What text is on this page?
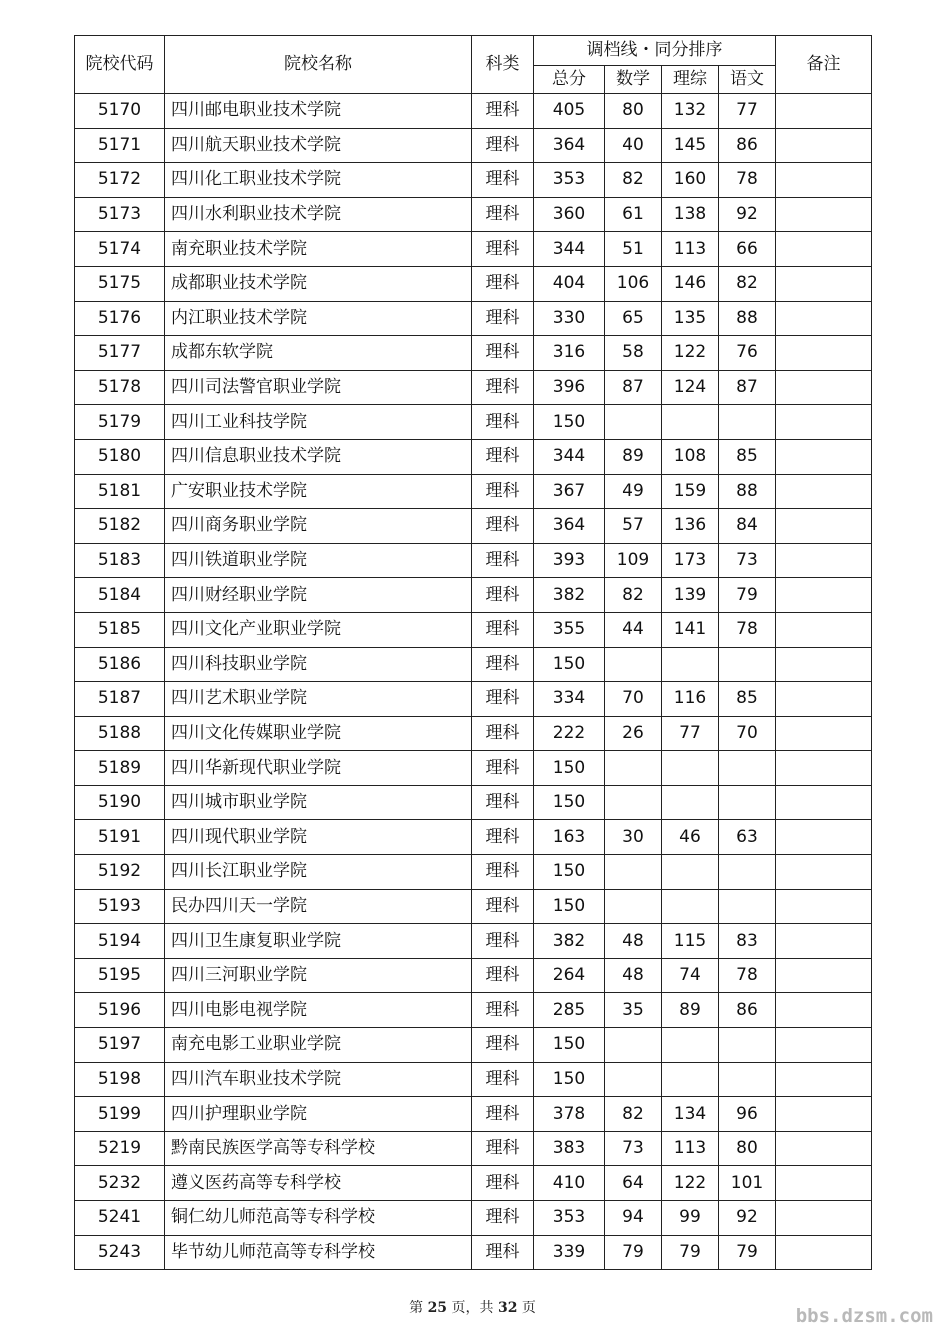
院校代码	院校名称	科类	调档线・同分排序				备注
			总分	数学	理综	语文	
5170	四川邮电职业技术学院	理科	405	80	132	77	
5171	四川航天职业技术学院	理科	364	40	145	86	
5172	四川化工职业技术学院	理科	353	82	160	78	
5173	四川水利职业技术学院	理科	360	61	138	92	
5174	南充职业技术学院	理科	344	51	113	66	
5175	成都职业技术学院	理科	404	106	146	82	
5176	内江职业技术学院	理科	330	65	135	88	
5177	成都东软学院	理科	316	58	122	76	
5178	四川司法警官职业学院	理科	396	87	124	87	
5179	四川工业科技学院	理科	150				
5180	四川信息职业技术学院	理科	344	89	108	85	
5181	广安职业技术学院	理科	367	49	159	88	
5182	四川商务职业学院	理科	364	57	136	84	
5183	四川铁道职业学院	理科	393	109	173	73	
5184	四川财经职业学院	理科	382	82	139	79	
5185	四川文化产业职业学院	理科	355	44	141	78	
5186	四川科技职业学院	理科	150				
5187	四川艺术职业学院	理科	334	70	116	85	
5188	四川文化传媒职业学院	理科	222	26	77	70	
5189	四川华新现代职业学院	理科	150				
5190	四川城市职业学院	理科	150				
5191	四川现代职业学院	理科	163	30	46	63	
5192	四川长江职业学院	理科	150				
5193	民办四川天一学院	理科	150				
5194	四川卫生康复职业学院	理科	382	48	115	83	
5195	四川三河职业学院	理科	264	48	74	78	
5196	四川电影电视学院	理科	285	35	89	86	
5197	南充电影工业职业学院	理科	150				
5198	四川汽车职业技术学院	理科	150				
5199	四川护理职业学院	理科	378	82	134	96	
5219	黔南民族医学高等专科学校	理科	383	73	113	80	
5232	遵义医药高等专科学校	理科	410	64	122	101	
5241	铜仁幼儿师范高等专科学校	理科	353	94	99	92	
5243	毕节幼儿师范高等专科学校	理科	339	79	79	79	
第 25 页，共 32 页	bbs.dzsm.com
